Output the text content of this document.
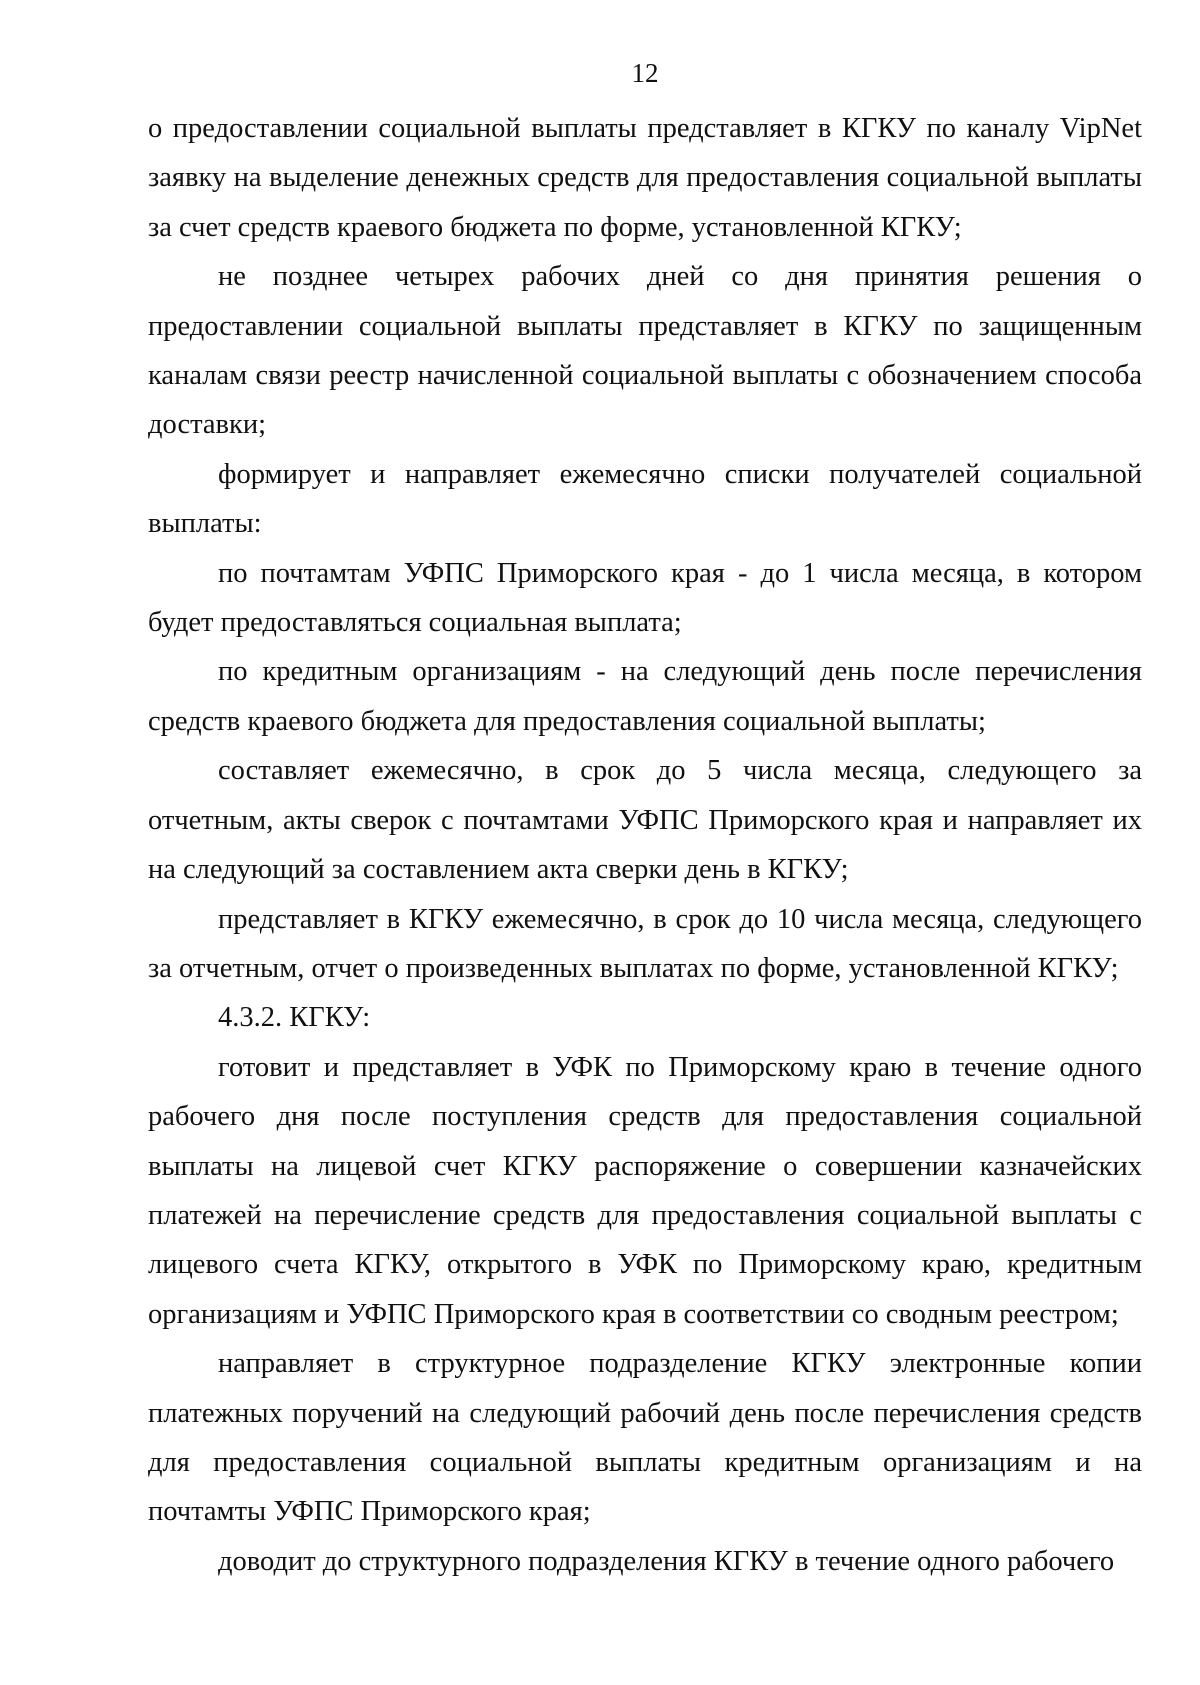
12

о предоставлении социальной выплаты представляет в КГКУ по каналу VipNet заявку на выделение денежных средств для предоставления социальной выплаты за счет средств краевого бюджета по форме, установленной КГКУ;

не позднее четырех рабочих дней со дня принятия решения о предоставлении социальной выплаты представляет в КГКУ по защищенным каналам связи реестр начисленной социальной выплаты с обозначением способа доставки;

формирует и направляет ежемесячно списки получателей социальной выплаты:

по почтамтам УФПС Приморского края - до 1 числа месяца, в котором будет предоставляться социальная выплата;

по кредитным организациям - на следующий день после перечисления средств краевого бюджета для предоставления социальной выплаты;

составляет ежемесячно, в срок до 5 числа месяца, следующего за отчетным, акты сверок с почтамтами УФПС Приморского края и направляет их на следующий за составлением акта сверки день в КГКУ;

представляет в КГКУ ежемесячно, в срок до 10 числа месяца, следующего за отчетным, отчет о произведенных выплатах по форме, установленной КГКУ;

4.3.2. КГКУ:

готовит и представляет в УФК по Приморскому краю в течение одного рабочего дня после поступления средств для предоставления социальной выплаты на лицевой счет КГКУ распоряжение о совершении казначейских платежей на перечисление средств для предоставления социальной выплаты с лицевого счета КГКУ, открытого в УФК по Приморскому краю, кредитным организациям и УФПС Приморского края в соответствии со сводным реестром;

направляет в структурное подразделение КГКУ электронные копии платежных поручений на следующий рабочий день после перечисления средств для предоставления социальной выплаты кредитным организациям и на почтамты УФПС Приморского края;

доводит до структурного подразделения КГКУ в течение одного рабочего
